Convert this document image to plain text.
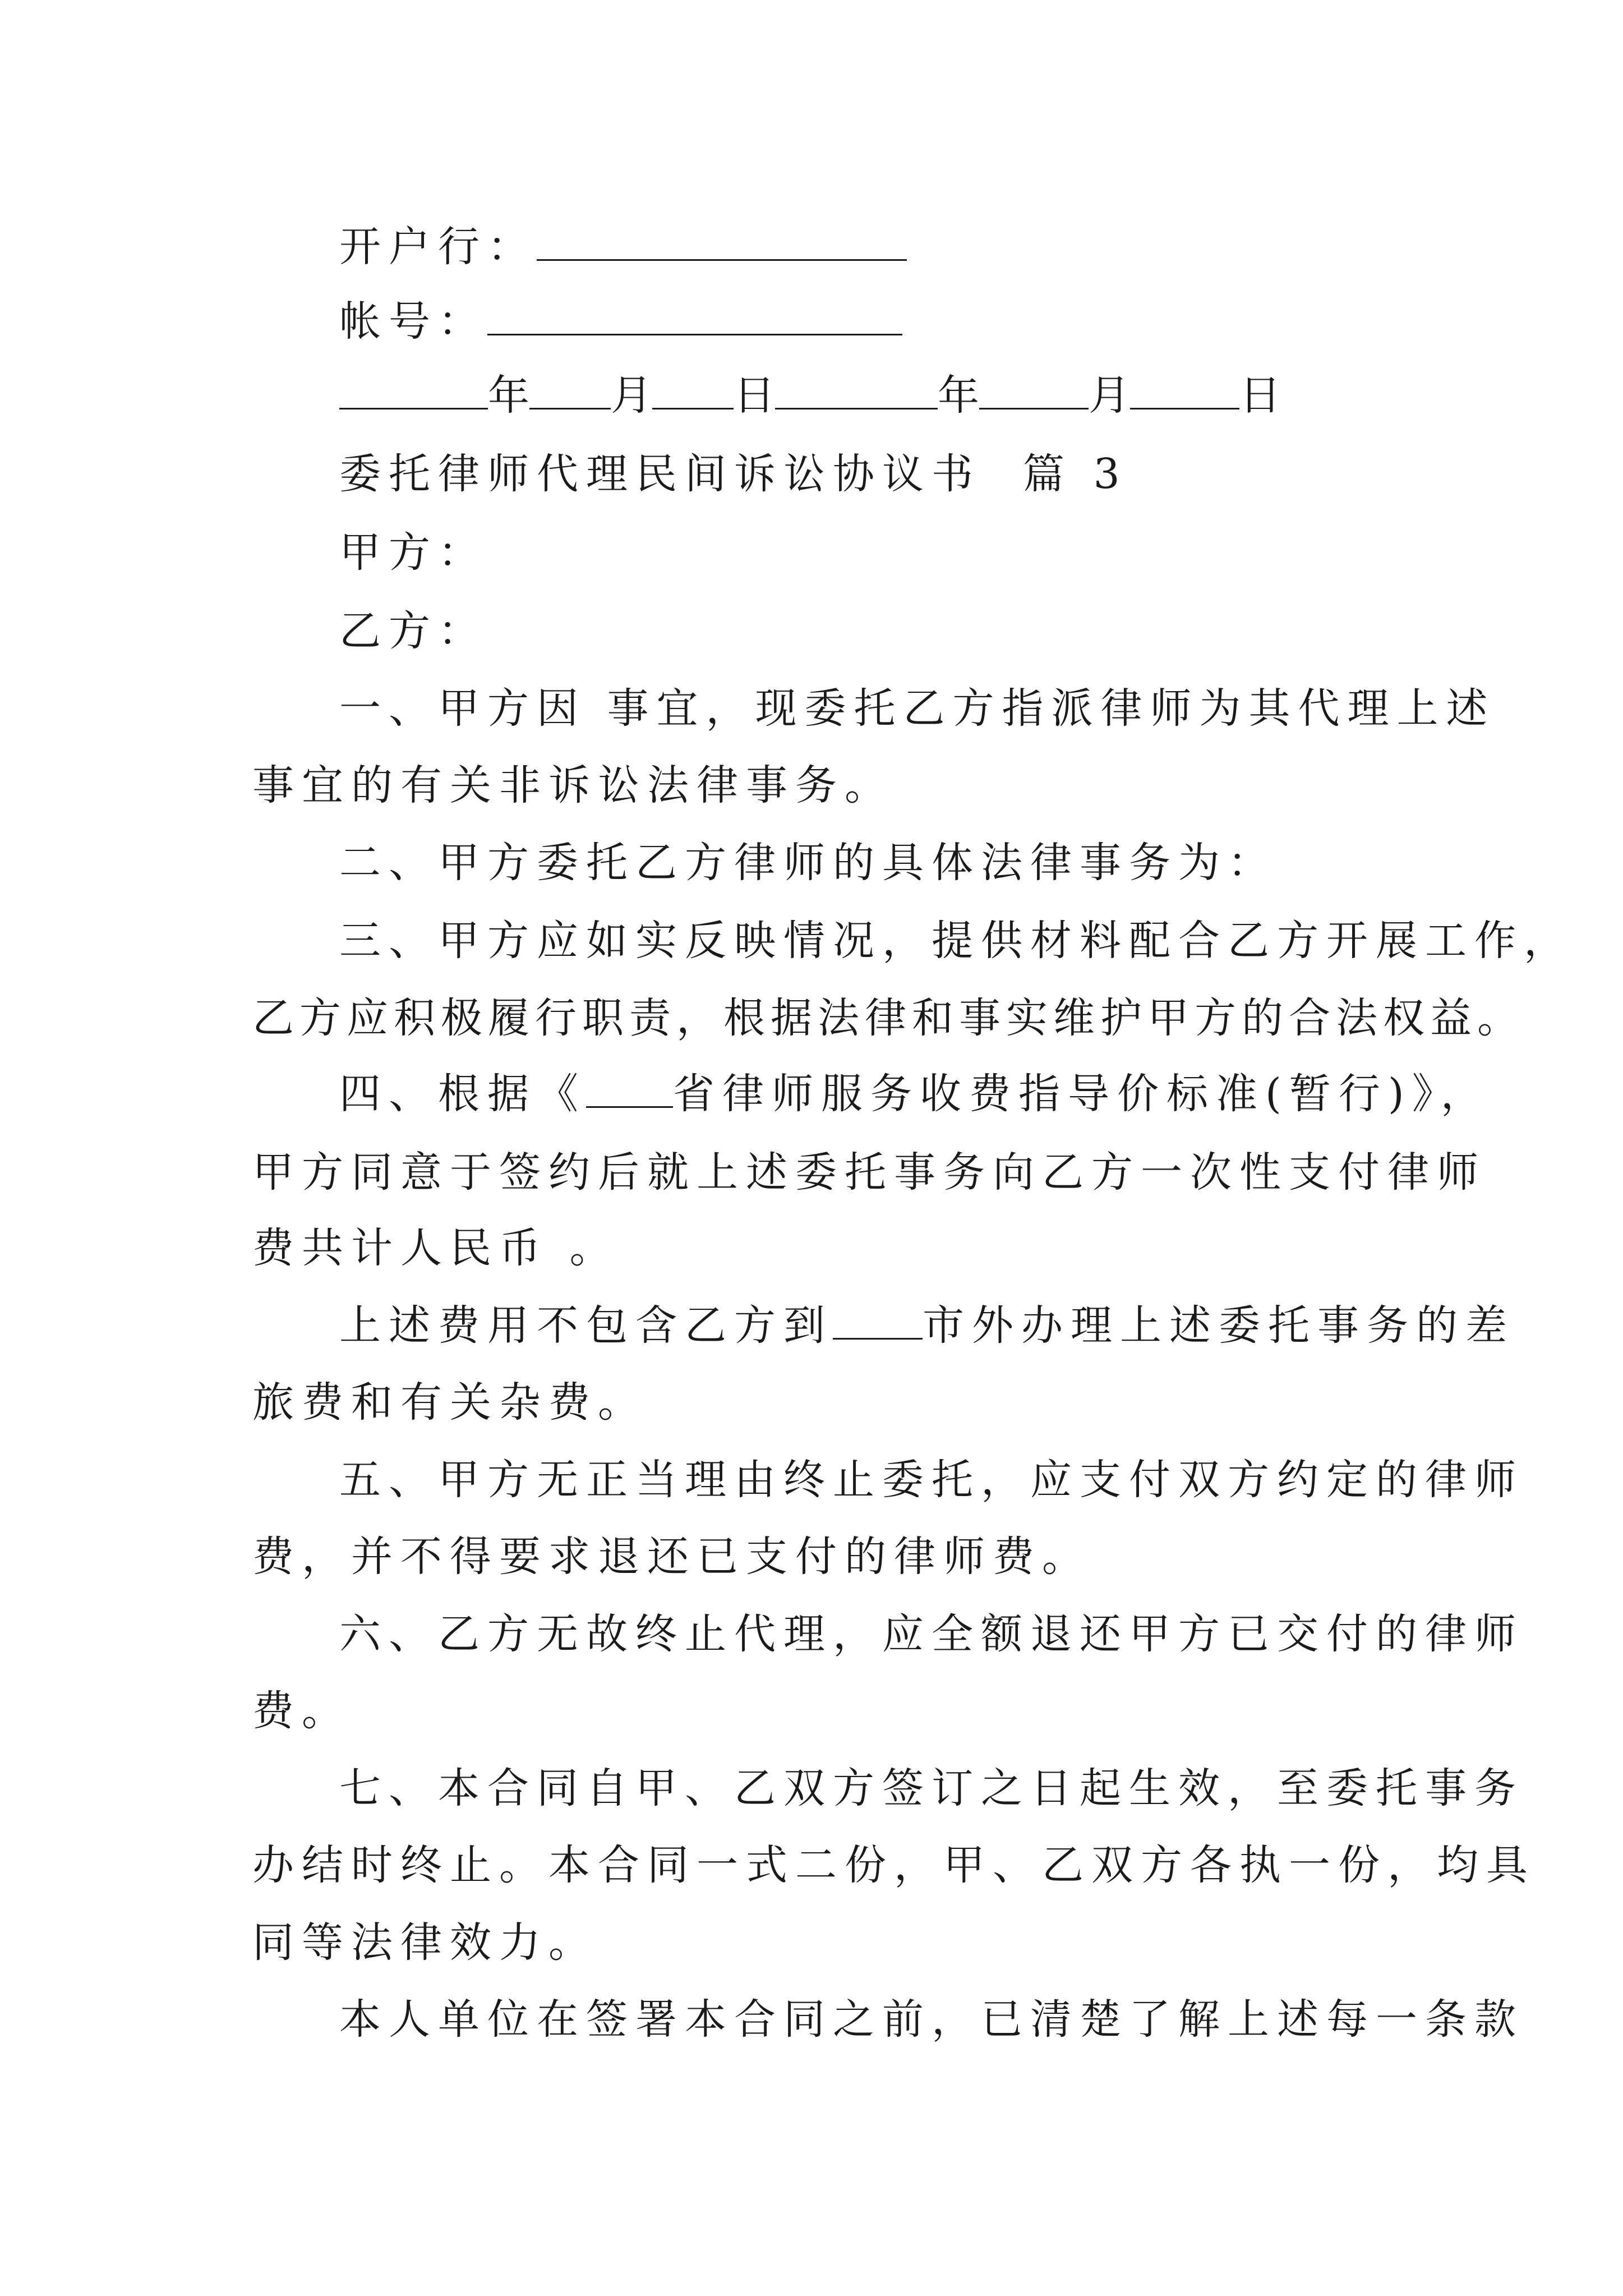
开户行：
帐号：
年 月 日	年	月	日
委托律师代理民间诉讼协议书  篇 3
甲方：
乙方：
一、甲方因 事宜，现委托乙方指派律师为其代理上述
事宜的有关非诉讼法律事务。
二、甲方委托乙方律师的具体法律事务为：
三、甲方应如实反映情况，提供材料配合乙方开展工作，
乙方应积极履行职责，根据法律和事实维护甲方的合法权益。
四、根据《 省律师服务收费指导价标准(暂行)》，
甲方同意于签约后就上述委托事务向乙方一次性支付律师
费共计人民币 。
上述费用不包含乙方到 市外办理上述委托事务的差
旅费和有关杂费。
五、甲方无正当理由终止委托，应支付双方约定的律师
费，并不得要求退还已支付的律师费。
六、乙方无故终止代理，应全额退还甲方已交付的律师
费。
七、本合同自甲、乙双方签订之日起生效，至委托事务
办结时终止。本合同一式二份，甲、乙双方各执一份，均具
同等法律效力。
本人单位在签署本合同之前，已清楚了解上述每一条款
